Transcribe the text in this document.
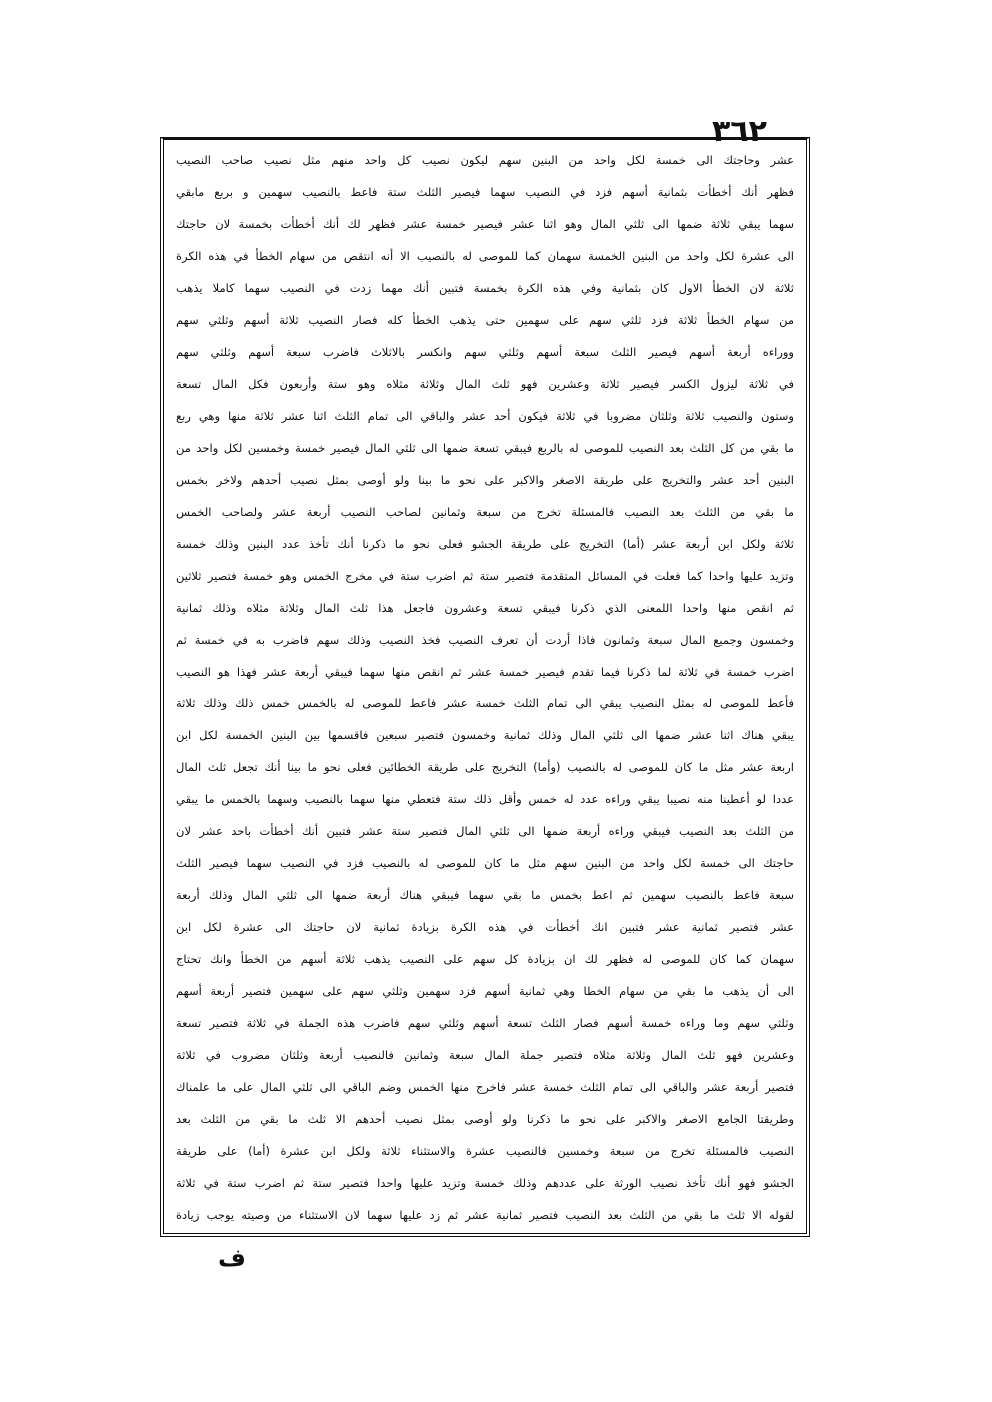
٣٦٢
عشر وحاجتك الى خمسة لكل واحد من البنين سهم ليكون نصيب كل واحد منهم مثل نصيب صاحب النصيب
فظهر أنك أخطأت بثمانية أسهم فزد في النصيب سهما فيصير الثلث ستة فاعط بالنصيب سهمين و بربع مابقي
سهما يبقي ثلاثة ضمها الى ثلثي المال وهو اثنا عشر فيصير خمسة عشر فظهر لك أنك أخطأت بخمسة لان حاجتك
الى عشرة لكل واحد من البنين الخمسة سهمان كما للموصى له بالنصيب الا أنه انتقص من سهام الخطأ في هذه الكرة
ثلاثة لان الخطأ الاول كان بثمانية وفي هذه الكرة بخمسة فتبين أنك مهما زدت في النصيب سهما كاملا يذهب
من سهام الخطأ ثلاثة فزد ثلثي سهم على سهمين حتى يذهب الخطأ كله فصار النصيب ثلاثة أسهم وثلثي سهم
ووراءه أربعة أسهم فيصير الثلث سبعة أسهم وثلثي سهم وانكسر بالاثلاث فاضرب سبعة أسهم وثلثي سهم
في ثلاثة ليزول الكسر فيصير ثلاثة وعشرين فهو ثلث المال وثلاثة مثلاه وهو ستة وأربعون فكل المال تسعة
وستون والنصيب ثلاثة وثلثان مضروبا في ثلاثة فيكون أحد عشر والباقي الى تمام الثلث اثنا عشر ثلاثة منها وهي ربع
ما بقي من كل الثلث بعد النصيب للموصى له بالربع فيبقي تسعة ضمها الى ثلثي المال فيصير خمسة وخمسين لكل واحد من
البنين أحد عشر والتخريج على طريقة الاصغر والاكبر على نحو ما بينا ولو أوصى بمثل نصيب أحدهم ولاخر بخمس
ما بقي من الثلث بعد النصيب فالمسئلة تخرج من سبعة وثمانين لصاحب النصيب أربعة عشر ولصاحب الخمس
ثلاثة ولكل ابن أربعة عشر (أما) التخريج على طريقة الجشو فعلى نحو ما ذكرنا أنك تأخذ عدد البنين وذلك خمسة
وتزيد عليها واحدا كما فعلت في المسائل المتقدمة فتصير ستة ثم اضرب ستة في مخرج الخمس وهو خمسة فتصير ثلاثين
ثم انقص منها واحدا اللمعنى الذي ذكرنا فيبقي تسعة وعشرون فاجعل هذا ثلث المال وثلاثة مثلاه وذلك ثمانية
وخمسون وجميع المال سبعة وثمانون فاذا أردت أن تعرف النصيب فخذ النصيب وذلك سهم فاضرب به في خمسة ثم
اضرب خمسة في ثلاثة لما ذكرنا فيما تقدم فيصير خمسة عشر ثم انقص منها سهما فيبقي أربعة عشر فهذا هو النصيب
فأعط للموصى له بمثل النصيب يبقي الى تمام الثلث خمسة عشر فاعط للموصى له بالخمس خمس ذلك وذلك ثلاثة
يبقي هناك اثنا عشر ضمها الى ثلثي المال وذلك ثمانية وخمسون فتصير سبعين فاقسمها بين البنين الخمسة لكل ابن
اربعة عشر مثل ما كان للموصى له بالنصيب (وأما) التخريج على طريقة الخطائين فعلى نحو ما بينا أنك تجعل ثلث المال
عددا لو أعطينا منه نصيبا يبقي وراءه عدد له خمس وأقل ذلك ستة فتعطي منها سهما بالنصيب وسهما بالخمس ما يبقي
من الثلث بعد النصيب فيبقي وراءه أربعة ضمها الى ثلثي المال فتصير ستة عشر فتبين أنك أخطأت باحد عشر لان
حاجتك الى خمسة لكل واحد من البنين سهم مثل ما كان للموصى له بالنصيب فزد في النصيب سهما فيصير الثلث
سبعة فاعط بالنصيب سهمين ثم اعط بخمس ما بقي سهما فيبقي هناك أربعة ضمها الى ثلثي المال وذلك أربعة
عشر فتصير ثمانية عشر فتبين انك أخطأت في هذه الكرة بزيادة ثمانية لان حاجتك الى عشرة لكل ابن
سهمان كما كان للموصى له فظهر لك ان بزيادة كل سهم على النصيب يذهب ثلاثة أسهم من الخطأ وانك تحتاج
الى أن يذهب ما بقي من سهام الخطا وهي ثمانية أسهم فزد سهمين وثلثي سهم على سهمين فتصير أربعة أسهم
وثلثي سهم وما وراءه خمسة أسهم فصار الثلث تسعة أسهم وثلثي سهم فاضرب هذه الجملة في ثلاثة فتصير تسعة
وعشرين فهو ثلث المال وثلاثة مثلاه فتصير جملة المال سبعة وثمانين فالنصيب أربعة وثلثان مضروب في ثلاثة
فتصير أربعة عشر والباقي الى تمام الثلث خمسة عشر فاخرج منها الخمس وضم الباقي الى ثلثي المال على ما علمناك
وطريقتا الجامع الاصغر والاكبر على نحو ما ذكرنا ولو أوصى بمثل نصيب أحدهم الا ثلث ما بقي من الثلث بعد
النصيب فالمسئلة تخرج من سبعة وخمسين فالنصيب عشرة والاستثناء ثلاثة ولكل ابن عشرة (أما) على طريقة
الجشو فهو أنك تأخذ نصيب الورثة على عددهم وذلك خمسة وتزيد عليها واحدا فتصير ستة ثم اضرب ستة في ثلاثة
لقوله الا ثلث ما بقي من الثلث بعد النصيب فتصير ثمانية عشر ثم زد عليها سهما لان الاستثناء من وصيته يوجب زيادة
ف
